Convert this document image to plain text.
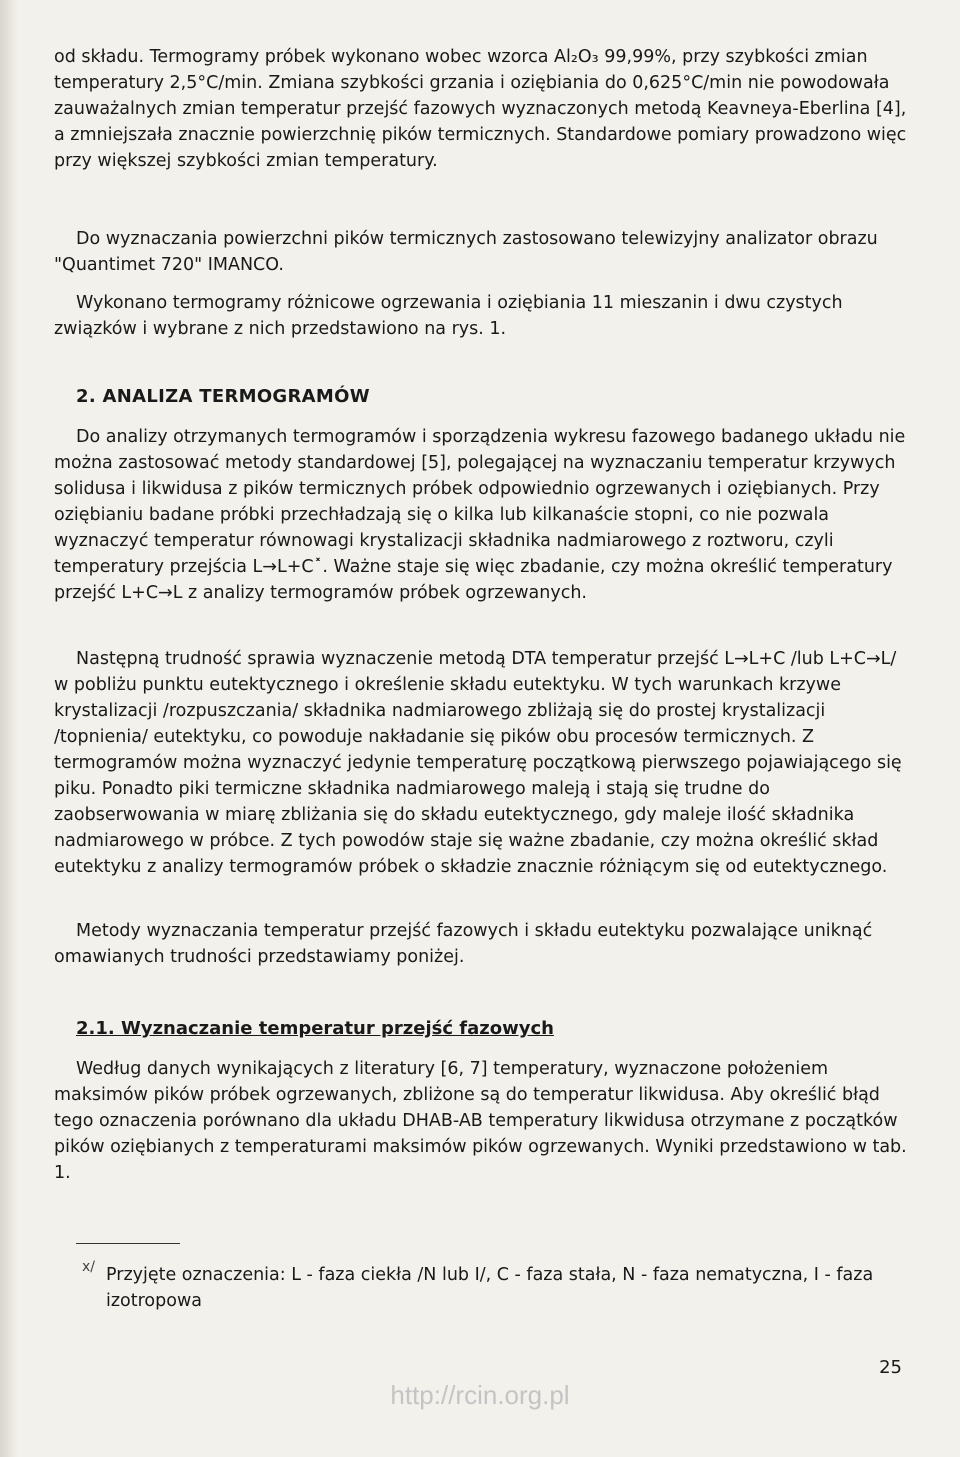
od składu. Termogramy próbek wykonano wobec wzorca Al₂O₃ 99,99%, przy szybkości zmian temperatury 2,5°C/min. Zmiana szybkości grzania i oziębiania do 0,625°C/min nie powodowała zauważalnych zmian temperatur przejść fazowych wyznaczonych metodą Keavneya-Eberlina [4], a zmniejszała znacznie powierzchnię pików termicznych. Standardowe pomiary prowadzono więc przy większej szybkości zmian temperatury.

Do wyznaczania powierzchni pików termicznych zastosowano telewizyjny analizator obrazu "Quantimet 720" IMANCO.

Wykonano termogramy różnicowe ogrzewania i oziębiania 11 mieszanin i dwu czystych związków i wybrane z nich przedstawiono na rys. 1.

2. ANALIZA TERMOGRAMÓW

Do analizy otrzymanych termogramów i sporządzenia wykresu fazowego badanego układu nie można zastosować metody standardowej [5], polegającej na wyznaczaniu temperatur krzywych solidusa i likwidusa z pików termicznych próbek odpowiednio ogrzewanych i oziębianych. Przy oziębianiu badane próbki przechładzają się o kilka lub kilkanaście stopni, co nie pozwala wyznaczyć temperatur równowagi krystalizacji składnika nadmiarowego z roztworu, czyli temperatury przejścia L→L+C˟. Ważne staje się więc zbadanie, czy można określić temperatury przejść L+C→L z analizy termogramów próbek ogrzewanych.

Następną trudność sprawia wyznaczenie metodą DTA temperatur przejść L→L+C /lub L+C→L/ w pobliżu punktu eutektycznego i określenie składu eutektyku. W tych warunkach krzywe krystalizacji /rozpuszczania/ składnika nadmiarowego zbliżają się do prostej krystalizacji /topnienia/ eutektyku, co powoduje nakładanie się pików obu procesów termicznych. Z termogramów można wyznaczyć jedynie temperaturę początkową pierwszego pojawiającego się piku. Ponadto piki termiczne składnika nadmiarowego maleją i stają się trudne do zaobserwowania w miarę zbliżania się do składu eutektycznego, gdy maleje ilość składnika nadmiarowego w próbce. Z tych powodów staje się ważne zbadanie, czy można określić skład eutektyku z analizy termogramów próbek o składzie znacznie różniącym się od eutektycznego.

Metody wyznaczania temperatur przejść fazowych i składu eutektyku pozwalające uniknąć omawianych trudności przedstawiamy poniżej.

2.1. Wyznaczanie temperatur przejść fazowych

Według danych wynikających z literatury [6, 7] temperatury, wyznaczone położeniem maksimów pików próbek ogrzewanych, zbliżone są do temperatur likwidusa. Aby określić błąd tego oznaczenia porównano dla układu DHAB-AB temperatury likwidusa otrzymane z początków pików oziębianych z temperaturami maksimów pików ogrzewanych. Wyniki przedstawiono w tab. 1.

x/ Przyjęte oznaczenia: L - faza ciekła /N lub I/, C - faza stała, N - faza nematyczna, I - faza izotropowa

25
http://rcin.org.pl
